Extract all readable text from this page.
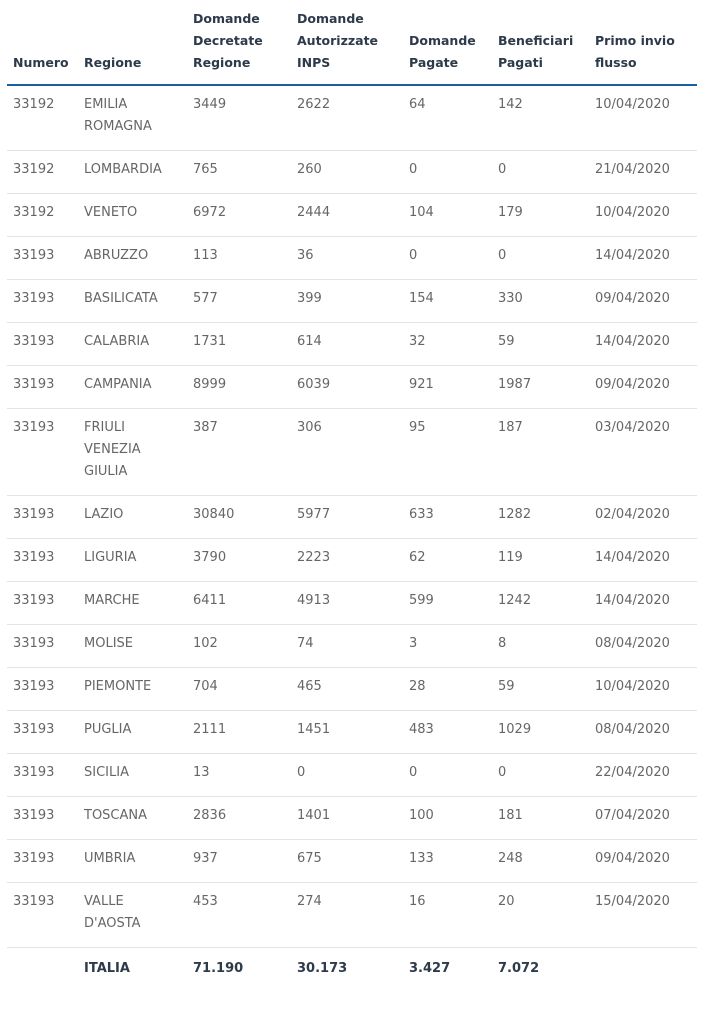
Numero	Regione	Domande Decretate Regione	Domande Autorizzate INPS	Domande Pagate	Beneficiari Pagati	Primo invio flusso
33192	EMILIA ROMAGNA	3449	2622	64	142	10/04/2020
33192	LOMBARDIA	765	260	0	0	21/04/2020
33192	VENETO	6972	2444	104	179	10/04/2020
33193	ABRUZZO	113	36	0	0	14/04/2020
33193	BASILICATA	577	399	154	330	09/04/2020
33193	CALABRIA	1731	614	32	59	14/04/2020
33193	CAMPANIA	8999	6039	921	1987	09/04/2020
33193	FRIULI VENEZIA GIULIA	387	306	95	187	03/04/2020
33193	LAZIO	30840	5977	633	1282	02/04/2020
33193	LIGURIA	3790	2223	62	119	14/04/2020
33193	MARCHE	6411	4913	599	1242	14/04/2020
33193	MOLISE	102	74	3	8	08/04/2020
33193	PIEMONTE	704	465	28	59	10/04/2020
33193	PUGLIA	2111	1451	483	1029	08/04/2020
33193	SICILIA	13	0	0	0	22/04/2020
33193	TOSCANA	2836	1401	100	181	07/04/2020
33193	UMBRIA	937	675	133	248	09/04/2020
33193	VALLE D'AOSTA	453	274	16	20	15/04/2020
	ITALIA	71.190	30.173	3.427	7.072	
